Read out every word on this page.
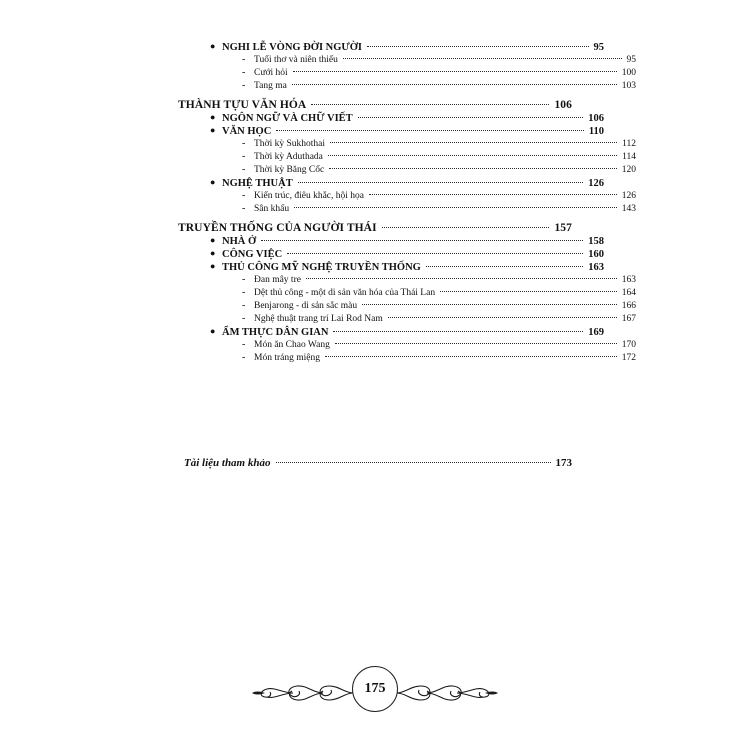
● NGHI LỄ VÒNG ĐỜI NGƯỜI	95
- Tuổi thơ và niên thiếu	95
- Cưới hỏi	100
- Tang ma	103
THÀNH TỰU VĂN HÓA	106
● NGÔN NGỮ VÀ CHỮ VIẾT	106
● VĂN HỌC	110
- Thời kỳ Sukhothai	112
- Thời kỳ Aduthada	114
- Thời kỳ Băng Cốc	120
● NGHỆ THUẬT	126
- Kiến trúc, điêu khắc, hội họa	126
- Sân khấu	143
TRUYỀN THỐNG CỦA NGƯỜI THÁI	157
● NHÀ Ở	158
● CÔNG VIỆC	160
● THỦ CÔNG MỸ NGHỆ TRUYỀN THỐNG	163
- Đan mây tre	163
- Dệt thủ công - một di sản văn hóa của Thái Lan	164
- Benjarong - di sản sắc màu	166
- Nghệ thuật trang trí Lai Rod Nam	167
● ẨM THỰC DÂN GIAN	169
- Món ăn Chao Wang	170
- Món tráng miệng	172
Tài liệu tham khảo	173
175
